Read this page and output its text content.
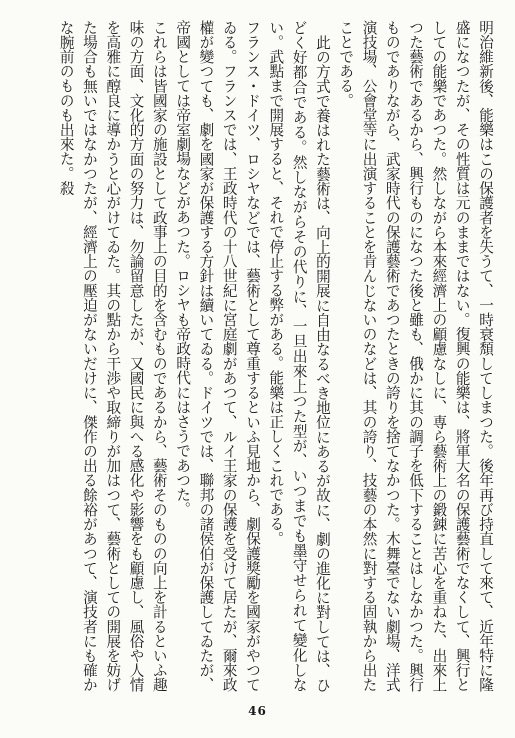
明治維新後、能樂はこの保護者を失うて、一時衰頽してしまつた。後年再び持直して來て、近年特に隆盛になつたが、その性質は元のままではない。復興の能樂は、將軍大名の保護藝術でなくして、興行としての能樂であつた。然しながら本來經濟上の顧慮なしに、専ら藝術上の鍛錬に苦心を重ねた、出來上つた藝術であるから、興行ものになつた後と雖も、俄かに其の調子を低下することはしなかつた。興行ものでありながら、武家時代の保護藝術であつたときの誇りを捨てなかつた。木舞臺でない劇場、洋式演技場、公會堂等に出演することを肯んじないのなどは、其の誇り、技藝の本然に對する固執から出たことである。

此の方式で養はれた藝術は、向上的開展に自由なるべき地位にあるが故に、劇の進化に對しては、ひどく好都合である。然しながらその代りに、一旦出來上つた型が、いつまでも墨守せられて變化しない。武點まで開展すると、それで停止する弊がある。能樂は正しくこれである。

フランス・ドイツ、ロシヤなどでは、藝術として尊重するといふ見地から、劇保護獎勵を國家がやつてゐる。フランスでは、王政時代の十八世紀に宮庭劇があつて、ルイ王家の保護を受けて居たが、爾來政權が變つても、劇を國家が保護する方針は續いてゐる。ドイツでは、聯邦の諸侯伯が保護してゐたが、帝國としては帝室劇場などがあつた。ロシヤも帝政時代にはさうであつた。

これらは皆國家の施設として政事上の目的を含むものであるから、藝術そのものの向上を計るといふ趣味の方面、文化的方面の努力は、勿論留意したが、又國民に與へる感化や影響をも顧慮し、風俗や人情を高雅に醇良に導かうと心がけてゐた。其の點から干渉や取締りが加はつて、藝術としての開展を妨げた場合も無いではなかつたが、經濟上の壓迫がないだけに、傑作の出る餘裕があつて、演技者にも確かな腕前のものも出來た。殺

46
